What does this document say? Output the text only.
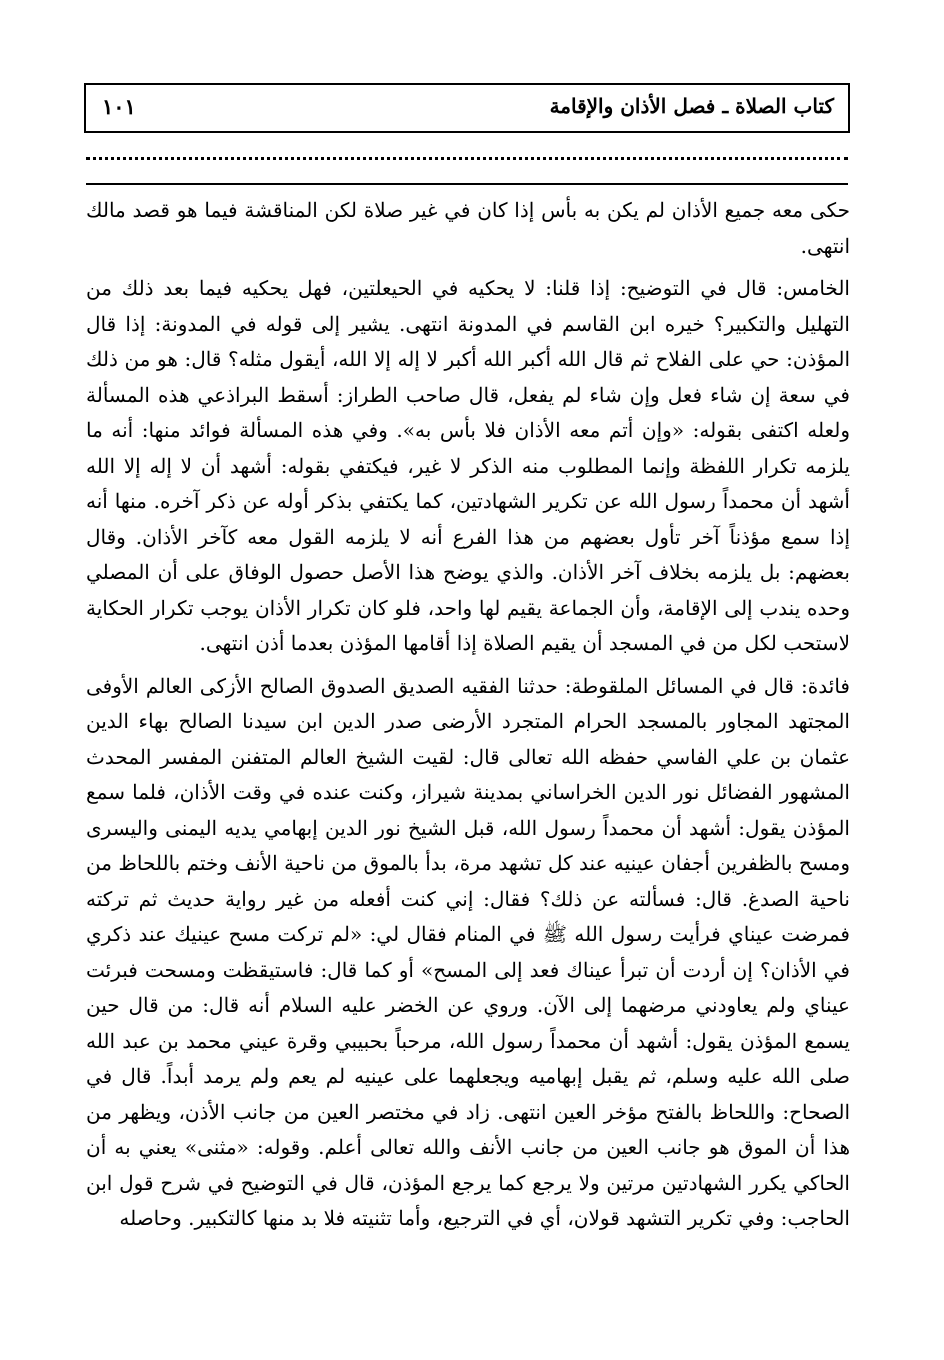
كتاب الصلاة ـ فصل الأذان والإقامة
١٠١

حكى معه جميع الأذان لم يكن به بأس إذا كان في غير صلاة لكن المناقشة فيما هو قصد مالك انتهى.

الخامس: قال في التوضيح: إذا قلنا: لا يحكيه في الحيعلتين، فهل يحكيه فيما بعد ذلك من التهليل والتكبير؟ خيره ابن القاسم في المدونة انتهى. يشير إلى قوله في المدونة: إذا قال المؤذن: حي على الفلاح ثم قال الله أكبر الله أكبر لا إله إلا الله، أيقول مثله؟ قال: هو من ذلك في سعة إن شاء فعل وإن شاء لم يفعل، قال صاحب الطراز: أسقط البراذعي هذه المسألة ولعله اكتفى بقوله: «وإن أتم معه الأذان فلا بأس به». وفي هذه المسألة فوائد منها: أنه ما يلزمه تكرار اللفظة وإنما المطلوب منه الذكر لا غير، فيكتفي بقوله: أشهد أن لا إله إلا الله أشهد أن محمداً رسول الله عن تكرير الشهادتين، كما يكتفي بذكر أوله عن ذكر آخره. منها أنه إذا سمع مؤذناً آخر تأول بعضهم من هذا الفرع أنه لا يلزمه القول معه كآخر الأذان. وقال بعضهم: بل يلزمه بخلاف آخر الأذان. والذي يوضح هذا الأصل حصول الوفاق على أن المصلي وحده يندب إلى الإقامة، وأن الجماعة يقيم لها واحد، فلو كان تكرار الأذان يوجب تكرار الحكاية لاستحب لكل من في المسجد أن يقيم الصلاة إذا أقامها المؤذن بعدما أذن انتهى.

فائدة: قال في المسائل الملقوطة: حدثنا الفقيه الصديق الصدوق الصالح الأزكى العالم الأوفى المجتهد المجاور بالمسجد الحرام المتجرد الأرضى صدر الدين ابن سيدنا الصالح بهاء الدين عثمان بن علي الفاسي حفظه الله تعالى قال: لقيت الشيخ العالم المتفنن المفسر المحدث المشهور الفضائل نور الدين الخراساني بمدينة شيراز، وكنت عنده في وقت الأذان، فلما سمع المؤذن يقول: أشهد أن محمداً رسول الله، قبل الشيخ نور الدين إبهامي يديه اليمنى واليسرى ومسح بالظفرين أجفان عينيه عند كل تشهد مرة، بدأ بالموق من ناحية الأنف وختم باللحاظ من ناحية الصدغ. قال: فسألته عن ذلك؟ فقال: إني كنت أفعله من غير رواية حديث ثم تركته فمرضت عيناي فرأيت رسول الله ﷺ في المنام فقال لي: «لم تركت مسح عينيك عند ذكري في الأذان؟ إن أردت أن تبرأ عيناك فعد إلى المسح» أو كما قال: فاستيقظت ومسحت فبرئت عيناي ولم يعاودني مرضهما إلى الآن. وروي عن الخضر عليه السلام أنه قال: من قال حين يسمع المؤذن يقول: أشهد أن محمداً رسول الله، مرحباً بحبيبي وقرة عيني محمد بن عبد الله صلى الله عليه وسلم، ثم يقبل إبهاميه ويجعلهما على عينيه لم يعم ولم يرمد أبداً. قال في الصحاح: واللحاظ بالفتح مؤخر العين انتهى. زاد في مختصر العين من جانب الأذن، ويظهر من هذا أن الموق هو جانب العين من جانب الأنف والله تعالى أعلم. وقوله: «مثنى» يعني به أن الحاكي يكرر الشهادتين مرتين ولا يرجع كما يرجع المؤذن، قال في التوضيح في شرح قول ابن الحاجب: وفي تكرير التشهد قولان، أي في الترجيع، وأما تثنيته فلا بد منها كالتكبير. وحاصله
